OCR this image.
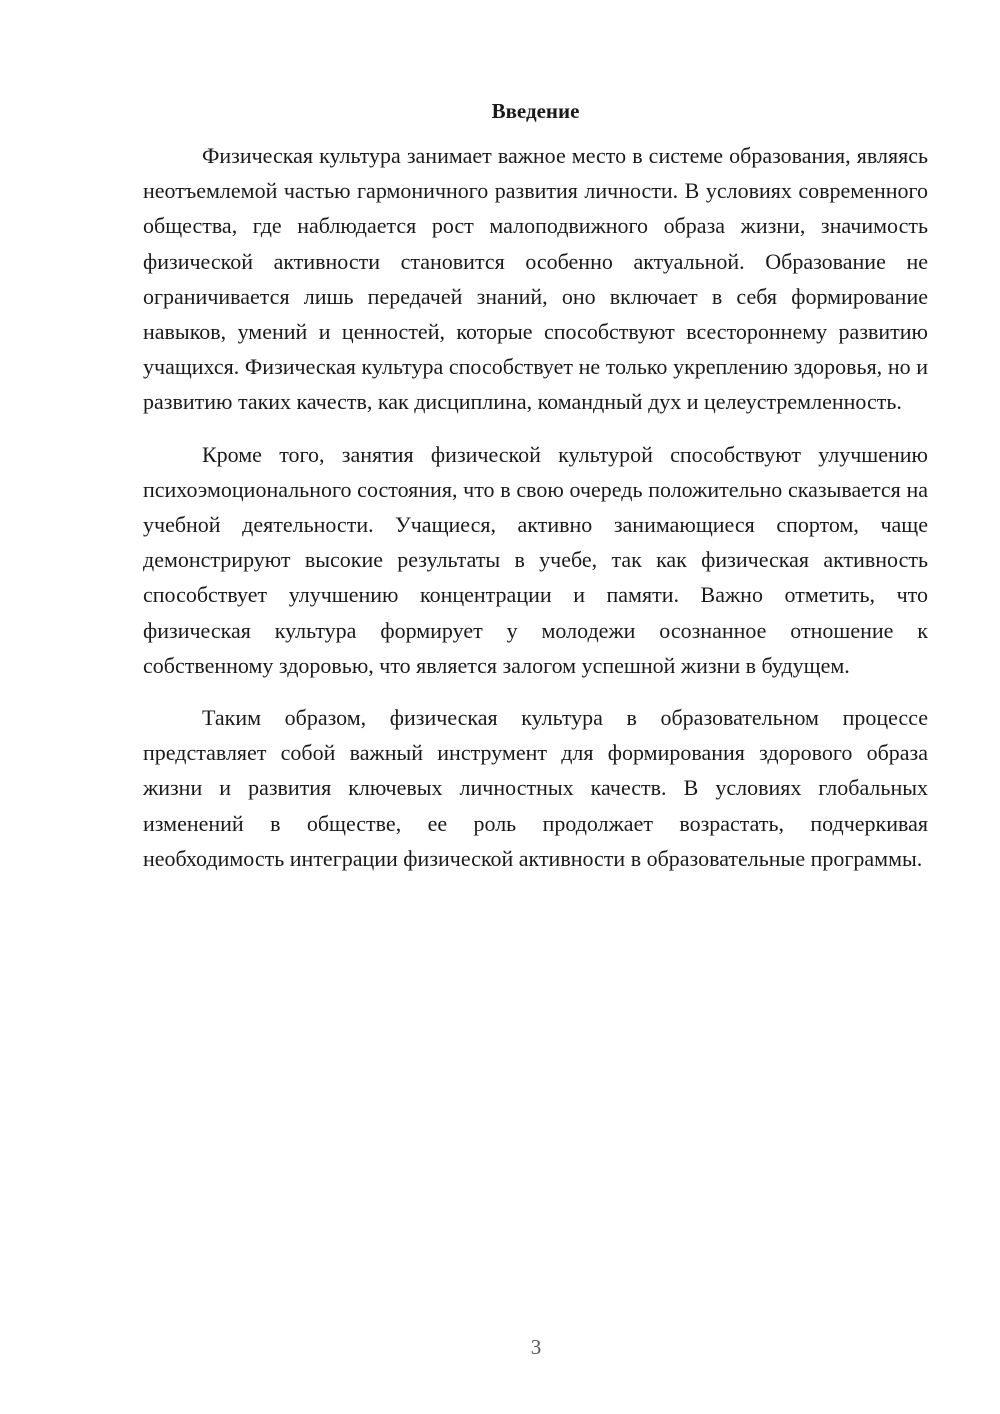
Введение

Физическая культура занимает важное место в системе образования, являясь неотъемлемой частью гармоничного развития личности. В условиях современного общества, где наблюдается рост малоподвижного образа жизни, значимость физической активности становится особенно актуальной. Образование не ограничивается лишь передачей знаний, оно включает в себя формирование навыков, умений и ценностей, которые способствуют всестороннему развитию учащихся. Физическая культура способствует не только укреплению здоровья, но и развитию таких качеств, как дисциплина, командный дух и целеустремленность.

Кроме того, занятия физической культурой способствуют улучшению психоэмоционального состояния, что в свою очередь положительно сказывается на учебной деятельности. Учащиеся, активно занимающиеся спортом, чаще демонстрируют высокие результаты в учебе, так как физическая активность способствует улучшению концентрации и памяти. Важно отметить, что физическая культура формирует у молодежи осознанное отношение к собственному здоровью, что является залогом успешной жизни в будущем.

Таким образом, физическая культура в образовательном процессе представляет собой важный инструмент для формирования здорового образа жизни и развития ключевых личностных качеств. В условиях глобальных изменений в обществе, ее роль продолжает возрастать, подчеркивая необходимость интеграции физической активности в образовательные программы.

3
